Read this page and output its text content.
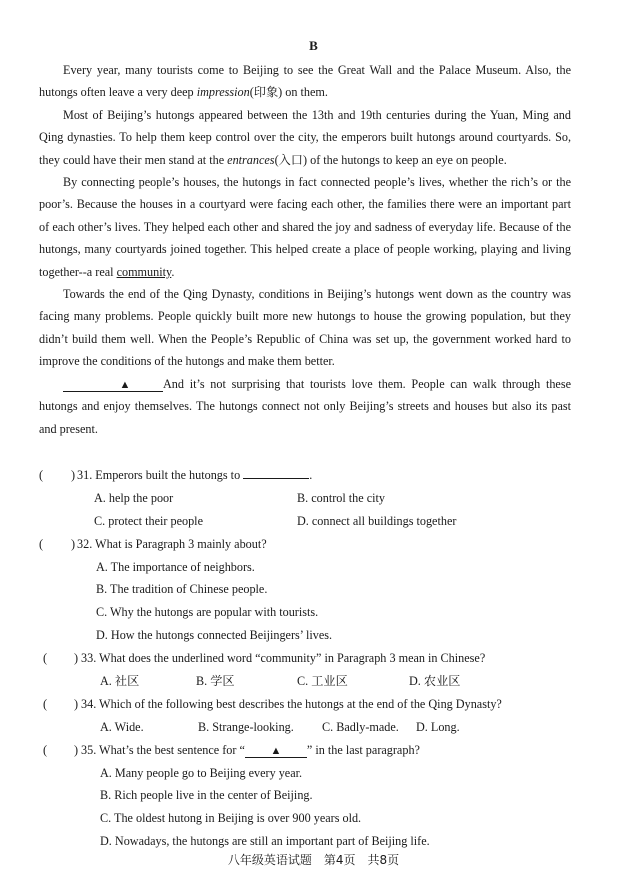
B

Every year, many tourists come to Beijing to see the Great Wall and the Palace Museum. Also, the hutongs often leave a very deep impression(印象) on them.

Most of Beijing’s hutongs appeared between the 13th and 19th centuries during the Yuan, Ming and Qing dynasties. To help them keep control over the city, the emperors built hutongs around courtyards. So, they could have their men stand at the entrances(入口) of the hutongs to keep an eye on people.

By connecting people’s houses, the hutongs in fact connected people’s lives, whether the rich’s or the poor’s. Because the houses in a courtyard were facing each other, the families there were an important part of each other’s lives. They helped each other and shared the joy and sadness of everyday life. Because of the hutongs, many courtyards joined together. This helped create a place of people working, playing and living together--a real community.

Towards the end of the Qing Dynasty, conditions in Beijing’s hutongs went down as the country was facing many problems. People quickly built more new hutongs to house the growing population, but they didn’t build them well. When the People’s Republic of China was set up, the government worked hard to improve the conditions of the hutongs and make them better.

▲	And it’s not surprising that tourists love them. People can walk through these hutongs and enjoy themselves. The hutongs connect not only Beijing’s streets and houses but also its past and present.

( ) 31. Emperors built the hutongs to	.
A. help the poor	B. control the city
C. protect their people	D. connect all buildings together
( ) 32. What is Paragraph 3 mainly about?
A. The importance of neighbors.
B. The tradition of Chinese people.
C. Why the hutongs are popular with tourists.
D. How the hutongs connected Beijingers’ lives.
( ) 33. What does the underlined word “community” in Paragraph 3 mean in Chinese?
A. 社区	B. 学区	C. 工业区	D. 农业区
( ) 34. Which of the following best describes the hutongs at the end of the Qing Dynasty?
A. Wide.	B. Strange-looking. C. Badly-made. D. Long.
( ) 35. What’s the best sentence for “ ▲ ” in the last paragraph?
A. Many people go to Beijing every year.
B. Rich people live in the center of Beijing.
C. The oldest hutong in Beijing is over 900 years old.
D. Nowadays, the hutongs are still an important part of Beijing life.
八年级英语试题　第4页　共8页
